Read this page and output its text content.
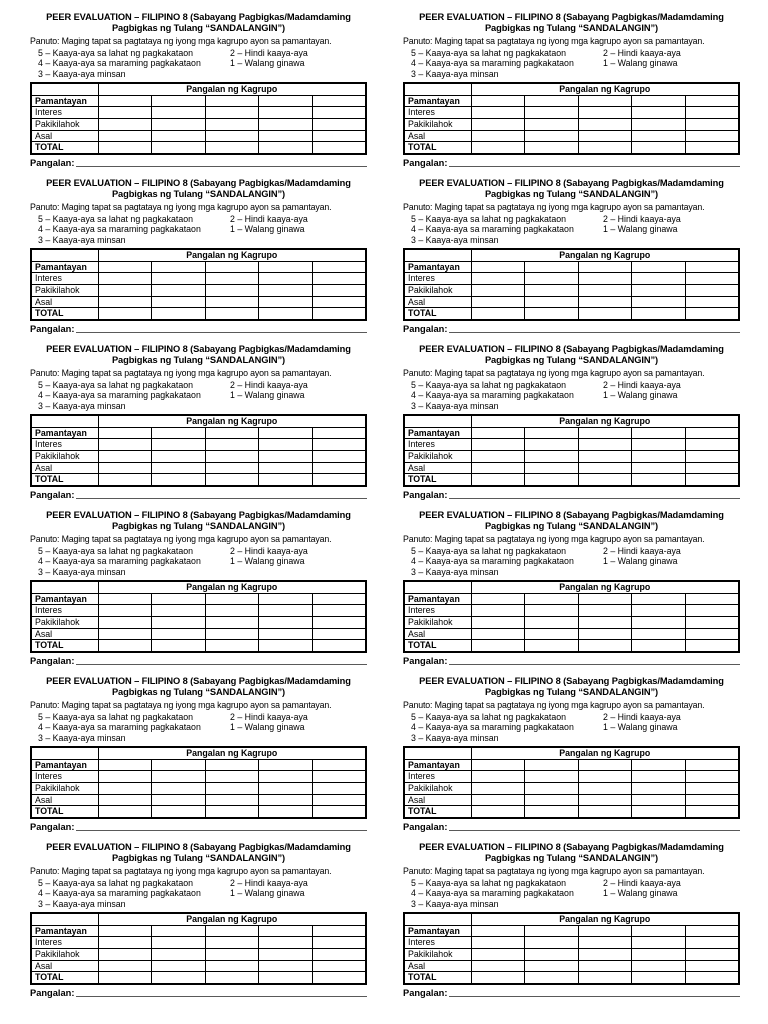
PEER EVALUATION – FILIPINO 8 (Sabayang Pagbigkas/Madamdaming
Pagbigkas ng Tulang “SANDALANGIN”)
Panuto: Maging tapat sa pagtataya ng iyong mga kagrupo ayon sa pamantayan.
5 – Kaaya-aya sa lahat ng pagkakataon	2 – Hindi kaaya-aya
4 – Kaaya-aya sa maraming pagkakataon	1 – Walang ginawa
3 – Kaaya-aya minsan
	Pangalan ng Kagrupo				
Pamantayan					
Interes					
Pakikilahok					
Asal					
TOTAL					
Pangalan:
PEER EVALUATION – FILIPINO 8 (Sabayang Pagbigkas/Madamdaming
Pagbigkas ng Tulang “SANDALANGIN”)
Panuto: Maging tapat sa pagtataya ng iyong mga kagrupo ayon sa pamantayan.
5 – Kaaya-aya sa lahat ng pagkakataon	2 – Hindi kaaya-aya
4 – Kaaya-aya sa maraming pagkakataon	1 – Walang ginawa
3 – Kaaya-aya minsan
	Pangalan ng Kagrupo				
Pamantayan					
Interes					
Pakikilahok					
Asal					
TOTAL					
Pangalan:
PEER EVALUATION – FILIPINO 8 (Sabayang Pagbigkas/Madamdaming
Pagbigkas ng Tulang “SANDALANGIN”)
Panuto: Maging tapat sa pagtataya ng iyong mga kagrupo ayon sa pamantayan.
5 – Kaaya-aya sa lahat ng pagkakataon	2 – Hindi kaaya-aya
4 – Kaaya-aya sa maraming pagkakataon	1 – Walang ginawa
3 – Kaaya-aya minsan
	Pangalan ng Kagrupo				
Pamantayan					
Interes					
Pakikilahok					
Asal					
TOTAL					
Pangalan:
PEER EVALUATION – FILIPINO 8 (Sabayang Pagbigkas/Madamdaming
Pagbigkas ng Tulang “SANDALANGIN”)
Panuto: Maging tapat sa pagtataya ng iyong mga kagrupo ayon sa pamantayan.
5 – Kaaya-aya sa lahat ng pagkakataon	2 – Hindi kaaya-aya
4 – Kaaya-aya sa maraming pagkakataon	1 – Walang ginawa
3 – Kaaya-aya minsan
	Pangalan ng Kagrupo				
Pamantayan					
Interes					
Pakikilahok					
Asal					
TOTAL					
Pangalan:
PEER EVALUATION – FILIPINO 8 (Sabayang Pagbigkas/Madamdaming
Pagbigkas ng Tulang “SANDALANGIN”)
Panuto: Maging tapat sa pagtataya ng iyong mga kagrupo ayon sa pamantayan.
5 – Kaaya-aya sa lahat ng pagkakataon	2 – Hindi kaaya-aya
4 – Kaaya-aya sa maraming pagkakataon	1 – Walang ginawa
3 – Kaaya-aya minsan
	Pangalan ng Kagrupo				
Pamantayan					
Interes					
Pakikilahok					
Asal					
TOTAL					
Pangalan:
PEER EVALUATION – FILIPINO 8 (Sabayang Pagbigkas/Madamdaming
Pagbigkas ng Tulang “SANDALANGIN”)
Panuto: Maging tapat sa pagtataya ng iyong mga kagrupo ayon sa pamantayan.
5 – Kaaya-aya sa lahat ng pagkakataon	2 – Hindi kaaya-aya
4 – Kaaya-aya sa maraming pagkakataon	1 – Walang ginawa
3 – Kaaya-aya minsan
	Pangalan ng Kagrupo				
Pamantayan					
Interes					
Pakikilahok					
Asal					
TOTAL					
Pangalan:
PEER EVALUATION – FILIPINO 8 (Sabayang Pagbigkas/Madamdaming
Pagbigkas ng Tulang “SANDALANGIN”)
Panuto: Maging tapat sa pagtataya ng iyong mga kagrupo ayon sa pamantayan.
5 – Kaaya-aya sa lahat ng pagkakataon	2 – Hindi kaaya-aya
4 – Kaaya-aya sa maraming pagkakataon	1 – Walang ginawa
3 – Kaaya-aya minsan
	Pangalan ng Kagrupo				
Pamantayan					
Interes					
Pakikilahok					
Asal					
TOTAL					
Pangalan:
PEER EVALUATION – FILIPINO 8 (Sabayang Pagbigkas/Madamdaming
Pagbigkas ng Tulang “SANDALANGIN”)
Panuto: Maging tapat sa pagtataya ng iyong mga kagrupo ayon sa pamantayan.
5 – Kaaya-aya sa lahat ng pagkakataon	2 – Hindi kaaya-aya
4 – Kaaya-aya sa maraming pagkakataon	1 – Walang ginawa
3 – Kaaya-aya minsan
	Pangalan ng Kagrupo				
Pamantayan					
Interes					
Pakikilahok					
Asal					
TOTAL					
Pangalan:
PEER EVALUATION – FILIPINO 8 (Sabayang Pagbigkas/Madamdaming
Pagbigkas ng Tulang “SANDALANGIN”)
Panuto: Maging tapat sa pagtataya ng iyong mga kagrupo ayon sa pamantayan.
5 – Kaaya-aya sa lahat ng pagkakataon	2 – Hindi kaaya-aya
4 – Kaaya-aya sa maraming pagkakataon	1 – Walang ginawa
3 – Kaaya-aya minsan
	Pangalan ng Kagrupo				
Pamantayan					
Interes					
Pakikilahok					
Asal					
TOTAL					
Pangalan:
PEER EVALUATION – FILIPINO 8 (Sabayang Pagbigkas/Madamdaming
Pagbigkas ng Tulang “SANDALANGIN”)
Panuto: Maging tapat sa pagtataya ng iyong mga kagrupo ayon sa pamantayan.
5 – Kaaya-aya sa lahat ng pagkakataon	2 – Hindi kaaya-aya
4 – Kaaya-aya sa maraming pagkakataon	1 – Walang ginawa
3 – Kaaya-aya minsan
	Pangalan ng Kagrupo				
Pamantayan					
Interes					
Pakikilahok					
Asal					
TOTAL					
Pangalan:
PEER EVALUATION – FILIPINO 8 (Sabayang Pagbigkas/Madamdaming
Pagbigkas ng Tulang “SANDALANGIN”)
Panuto: Maging tapat sa pagtataya ng iyong mga kagrupo ayon sa pamantayan.
5 – Kaaya-aya sa lahat ng pagkakataon	2 – Hindi kaaya-aya
4 – Kaaya-aya sa maraming pagkakataon	1 – Walang ginawa
3 – Kaaya-aya minsan
	Pangalan ng Kagrupo				
Pamantayan					
Interes					
Pakikilahok					
Asal					
TOTAL					
Pangalan:
PEER EVALUATION – FILIPINO 8 (Sabayang Pagbigkas/Madamdaming
Pagbigkas ng Tulang “SANDALANGIN”)
Panuto: Maging tapat sa pagtataya ng iyong mga kagrupo ayon sa pamantayan.
5 – Kaaya-aya sa lahat ng pagkakataon	2 – Hindi kaaya-aya
4 – Kaaya-aya sa maraming pagkakataon	1 – Walang ginawa
3 – Kaaya-aya minsan
	Pangalan ng Kagrupo				
Pamantayan					
Interes					
Pakikilahok					
Asal					
TOTAL					
Pangalan:
